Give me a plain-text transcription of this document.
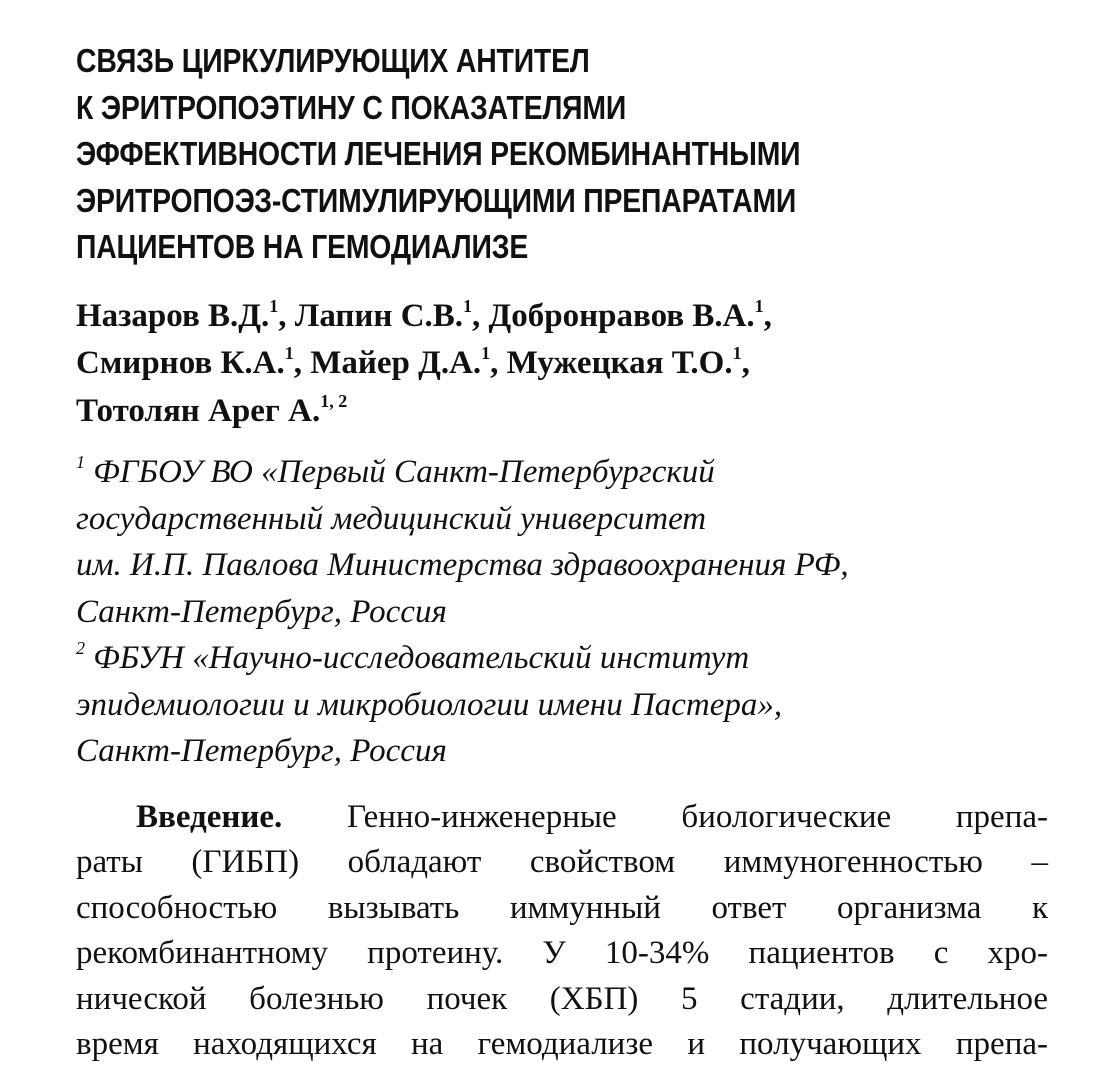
СВЯЗЬ ЦИРКУЛИРУЮЩИХ АНТИТЕЛ
К ЭРИТРОПОЭТИНУ С ПОКАЗАТЕЛЯМИ
ЭФФЕКТИВНОСТИ ЛЕЧЕНИЯ РЕКОМБИНАНТНЫМИ
ЭРИТРОПОЭЗ-СТИМУЛИРУЮЩИМИ ПРЕПАРАТАМИ
ПАЦИЕНТОВ НА ГЕМОДИАЛИЗЕ
Назаров В.Д.$^1$, Лапин С.В.$^1$, Добронравов В.А.$^1$,
Смирнов К.А.$^1$, Майер Д.А.$^1$, Мужецкая Т.О.$^1$,
Тотолян Арег А.$^{1, 2}$
$^1$ ФГБОУ ВО «Первый Санкт-Петербургский
государственный медицинский университет
им. И.П. Павлова Министерства здравоохранения РФ,
Санкт-Петербург, Россия
$^2$ ФБУН «Научно-исследовательский институт
эпидемиологии и микробиологии имени Пастера»,
Санкт-Петербург, Россия
Введение. Генно-инженерные биологические препа-
раты (ГИБП) обладают свойством иммуногенностью –
способностью вызывать иммунный ответ организма к
рекомбинантному протеину. У 10-34% пациентов с хро-
нической болезнью почек (ХБП) 5 стадии, длительное
время находящихся на гемодиализе и получающих препа-
